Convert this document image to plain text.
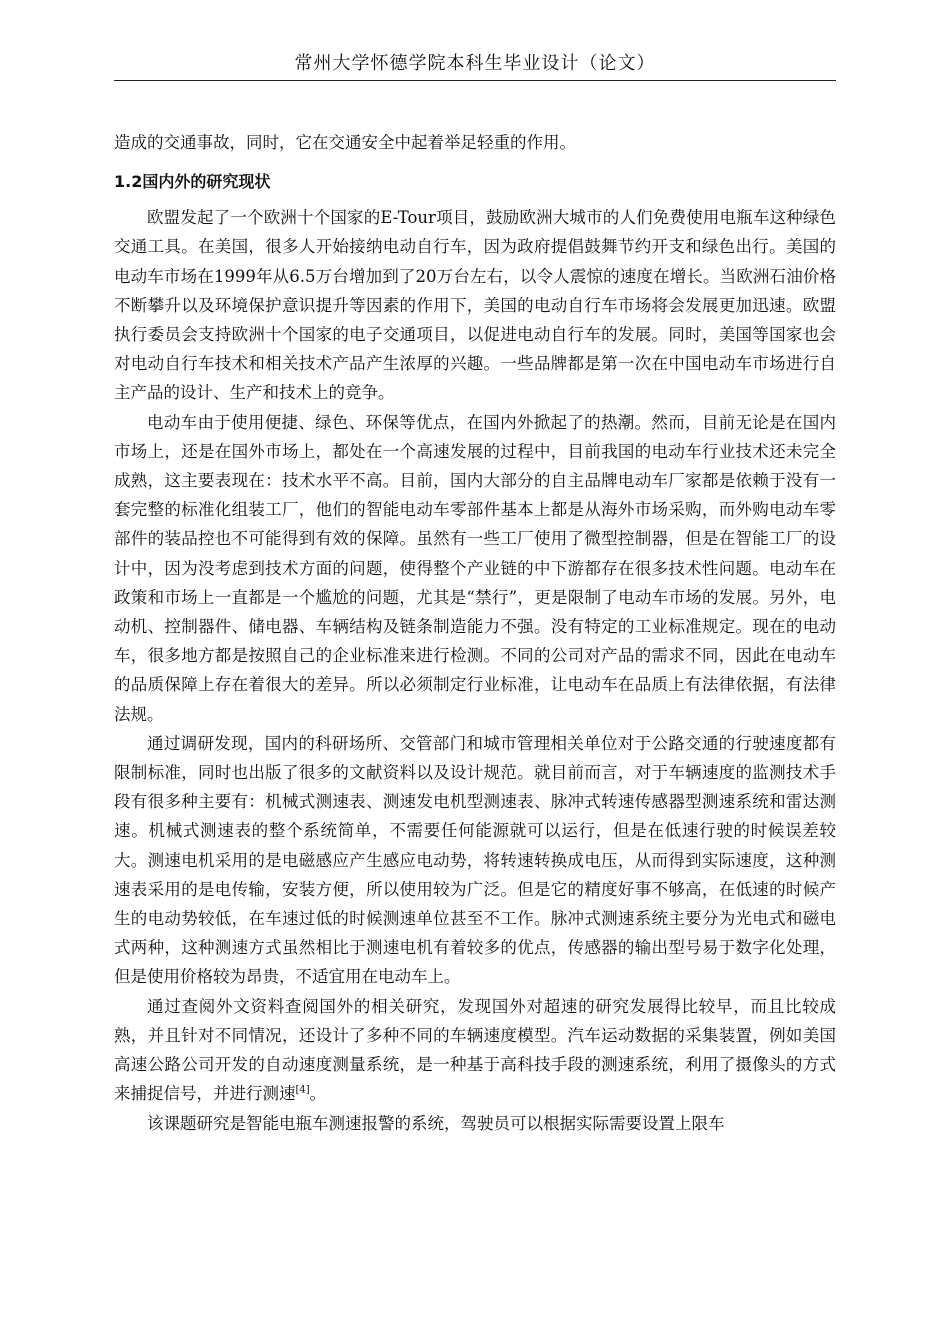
常州大学怀德学院本科生毕业设计（论文）

造成的交通事故，同时，它在交通安全中起着举足轻重的作用。

1.2国内外的研究现状

欧盟发起了一个欧洲十个国家的E-Tour项目，鼓励欧洲大城市的人们免费使用电瓶车这种绿色交通工具。在美国，很多人开始接纳电动自行车，因为政府提倡鼓舞节约开支和绿色出行。美国的电动车市场在1999年从6.5万台增加到了20万台左右，以令人震惊的速度在增长。当欧洲石油价格不断攀升以及环境保护意识提升等因素的作用下，美国的电动自行车市场将会发展更加迅速。欧盟执行委员会支持欧洲十个国家的电子交通项目，以促进电动自行车的发展。同时，美国等国家也会对电动自行车技术和相关技术产品产生浓厚的兴趣。一些品牌都是第一次在中国电动车市场进行自主产品的设计、生产和技术上的竞争。

电动车由于使用便捷、绿色、环保等优点，在国内外掀起了的热潮。然而，目前无论是在国内市场上，还是在国外市场上，都处在一个高速发展的过程中，目前我国的电动车行业技术还未完全成熟，这主要表现在：技术水平不高。目前，国内大部分的自主品牌电动车厂家都是依赖于没有一套完整的标准化组装工厂，他们的智能电动车零部件基本上都是从海外市场采购，而外购电动车零部件的装品控也不可能得到有效的保障。虽然有一些工厂使用了微型控制器，但是在智能工厂的设计中，因为没考虑到技术方面的问题，使得整个产业链的中下游都存在很多技术性问题。电动车在政策和市场上一直都是一个尴尬的问题，尤其是“禁行”，更是限制了电动车市场的发展。另外，电动机、控制器件、储电器、车辆结构及链条制造能力不强。没有特定的工业标准规定。现在的电动车，很多地方都是按照自己的企业标准来进行检测。不同的公司对产品的需求不同，因此在电动车的品质保障上存在着很大的差异。所以必须制定行业标准，让电动车在品质上有法律依据，有法律法规。

通过调研发现，国内的科研场所、交管部门和城市管理相关单位对于公路交通的行驶速度都有限制标准，同时也出版了很多的文献资料以及设计规范。就目前而言，对于车辆速度的监测技术手段有很多种主要有：机械式测速表、测速发电机型测速表、脉冲式转速传感器型测速系统和雷达测速。机械式测速表的整个系统简单，不需要任何能源就可以运行，但是在低速行驶的时候误差较大。测速电机采用的是电磁感应产生感应电动势，将转速转换成电压，从而得到实际速度，这种测速表采用的是电传输，安装方便，所以使用较为广泛。但是它的精度好事不够高，在低速的时候产生的电动势较低，在车速过低的时候测速单位甚至不工作。脉冲式测速系统主要分为光电式和磁电式两种，这种测速方式虽然相比于测速电机有着较多的优点，传感器的输出型号易于数字化处理，但是使用价格较为昂贵，不适宜用在电动车上。

通过查阅外文资料查阅国外的相关研究，发现国外对超速的研究发展得比较早，而且比较成熟，并且针对不同情况，还设计了多种不同的车辆速度模型。汽车运动数据的采集装置，例如美国高速公路公司开发的自动速度测量系统，是一种基于高科技手段的测速系统，利用了摄像头的方式来捕捉信号，并进行测速[4]。

该课题研究是智能电瓶车测速报警的系统，驾驶员可以根据实际需要设置上限车
